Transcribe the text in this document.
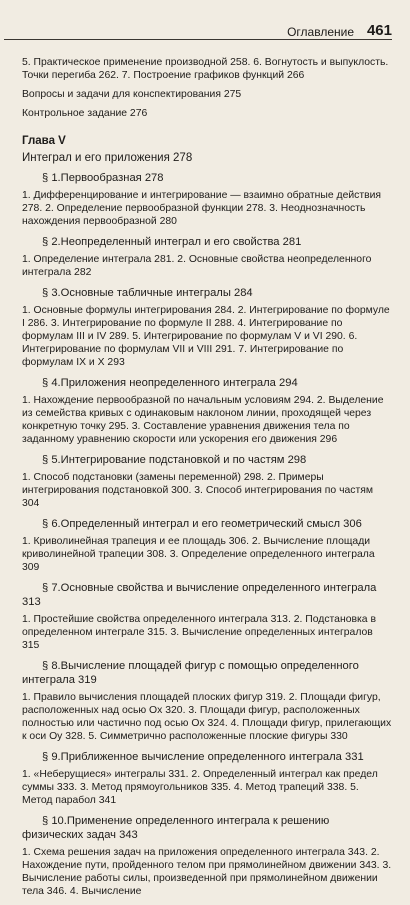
Оглавление 461

5. Практическое применение производной 258. 6. Вогнутость и выпуклость. Точки перегиба 262. 7. Построение графиков функций 266

Вопросы и задачи для конспектирования 275

Контрольное задание 276

Глава V

Интеграл и его приложения 278

§ 1.Первообразная 278

1. Дифференцирование и интегрирование — взаимно обратные действия 278. 2. Определение первообразной функции 278. 3. Неоднозначность нахождения первообразной 280

§ 2.Неопределенный интеграл и его свойства 281

1. Определение интеграла 281. 2. Основные свойства неопределенного интеграла 282

§ 3.Основные табличные интегралы 284

1. Основные формулы интегрирования 284. 2. Интегрирование по формуле I 286. 3. Интегрирование по формуле II 288. 4. Интегрирование по формулам III и IV 289. 5. Интегрирование по формулам V и VI 290. 6. Интегрирование по формулам VII и VIII 291. 7. Интегрирование по формулам IX и X 293

§ 4.Приложения неопределенного интеграла 294

1. Нахождение первообразной по начальным условиям 294. 2. Выделение из семейства кривых с одинаковым наклоном линии, проходящей через конкретную точку 295. 3. Составление уравнения движения тела по заданному уравнению скорости или ускорения его движения 296

§ 5.Интегрирование подстановкой и по частям 298

1. Способ подстановки (замены переменной) 298. 2. Примеры интегрирования подстановкой 300. 3. Способ интегрирования по частям 304

§ 6.Определенный интеграл и его геометрический смысл 306

1. Криволинейная трапеция и ее площадь 306. 2. Вычисление площади криволинейной трапеции 308. 3. Определение определенного интеграла 309

§ 7.Основные свойства и вычисление определенного интеграла 313

1. Простейшие свойства определенного интеграла 313. 2. Подстановка в определенном интеграле 315. 3. Вычисление определенных интегралов 315

§ 8.Вычисление площадей фигур с помощью определенного интеграла 319

1. Правило вычисления площадей плоских фигур 319. 2. Площади фигур, расположенных над осью Ox 320. 3. Площади фигур, расположенных полностью или частично под осью Ox 324. 4. Площади фигур, прилегающих к оси Oy 328. 5. Симметрично расположенные плоские фигуры 330

§ 9.Приближенное вычисление определенного интеграла 331

1. «Неберущиеся» интегралы 331. 2. Определенный интеграл как предел суммы 333. 3. Метод прямоугольников 335. 4. Метод трапеций 338. 5. Метод парабол 341

§ 10.Применение определенного интеграла к решению физических задач 343

1. Схема решения задач на приложения определенного интеграла 343. 2. Нахождение пути, пройденного телом при прямолинейном движении 343. 3. Вычисление работы силы, произведенной при прямолинейном движении тела 346. 4. Вычисление
